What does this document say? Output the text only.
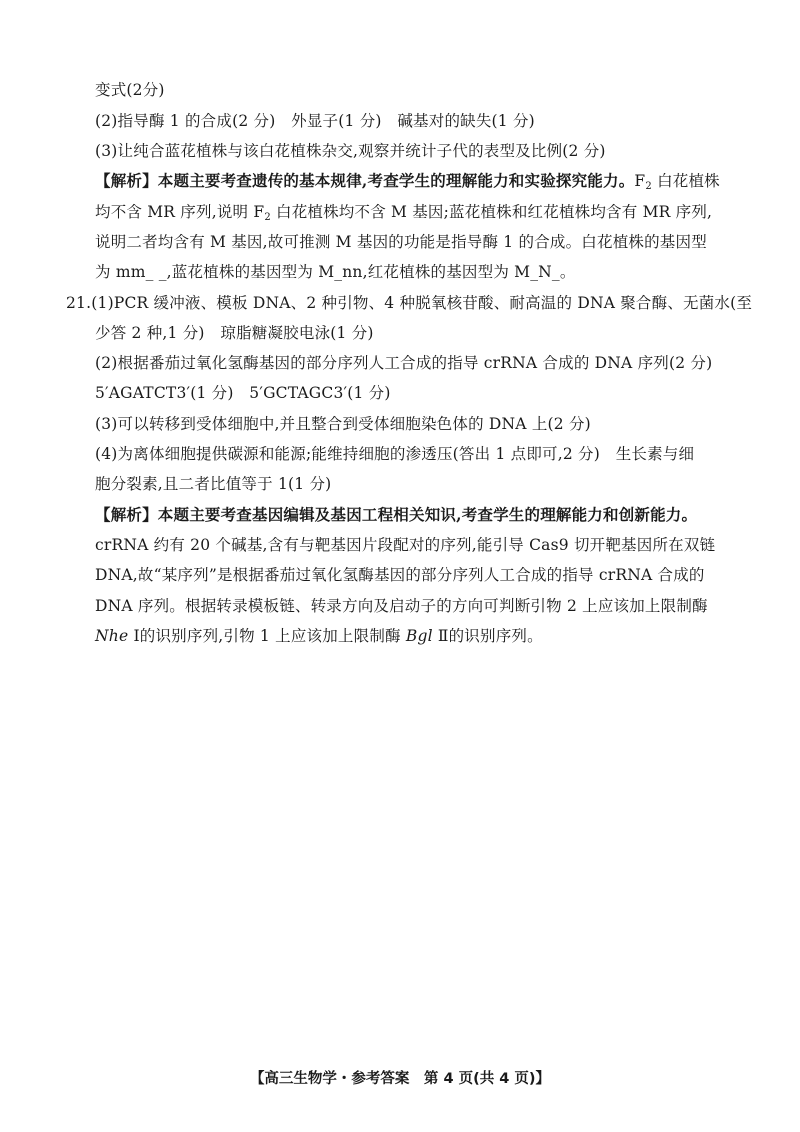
变式(2分)
(2)指导酶 1 的合成(2 分)　外显子(1 分)　碱基对的缺失(1 分)
(3)让纯合蓝花植株与该白花植株杂交,观察并统计子代的表型及比例(2 分)
【解析】本题主要考查遗传的基本规律,考查学生的理解能力和实验探究能力。$F_2$ 白花植株
均不含 MR 序列,说明 $F_2$ 白花植株均不含 M 基因;蓝花植株和红花植株均含有 MR 序列,
说明二者均含有 M 基因,故可推测 M 基因的功能是指导酶 1 的合成。白花植株的基因型
为 mm_ _,蓝花植株的基因型为 M_nn,红花植株的基因型为 M_N_。
21.(1)PCR 缓冲液、模板 DNA、2 种引物、4 种脱氧核苷酸、耐高温的 DNA 聚合酶、无菌水(至
少答 2 种,1 分)　琼脂糖凝胶电泳(1 分)
(2)根据番茄过氧化氢酶基因的部分序列人工合成的指导 crRNA 合成的 DNA 序列(2 分)
5′AGATCT3′(1 分)　5′GCTAGC3′(1 分)
(3)可以转移到受体细胞中,并且整合到受体细胞染色体的 DNA 上(2 分)
(4)为离体细胞提供碳源和能源;能维持细胞的渗透压(答出 1 点即可,2 分)　生长素与细
胞分裂素,且二者比值等于 1(1 分)
【解析】本题主要考查基因编辑及基因工程相关知识,考查学生的理解能力和创新能力。
crRNA 约有 20 个碱基,含有与靶基因片段配对的序列,能引导 Cas9 切开靶基因所在双链
DNA,故“某序列”是根据番茄过氧化氢酶基因的部分序列人工合成的指导 crRNA 合成的
DNA 序列。根据转录模板链、转录方向及启动子的方向可判断引物 2 上应该加上限制酶
Nhe Ⅰ的识别序列,引物 1 上应该加上限制酶 Bgl Ⅱ的识别序列。
【高三生物学・参考答案　第 4 页(共 4 页)】
